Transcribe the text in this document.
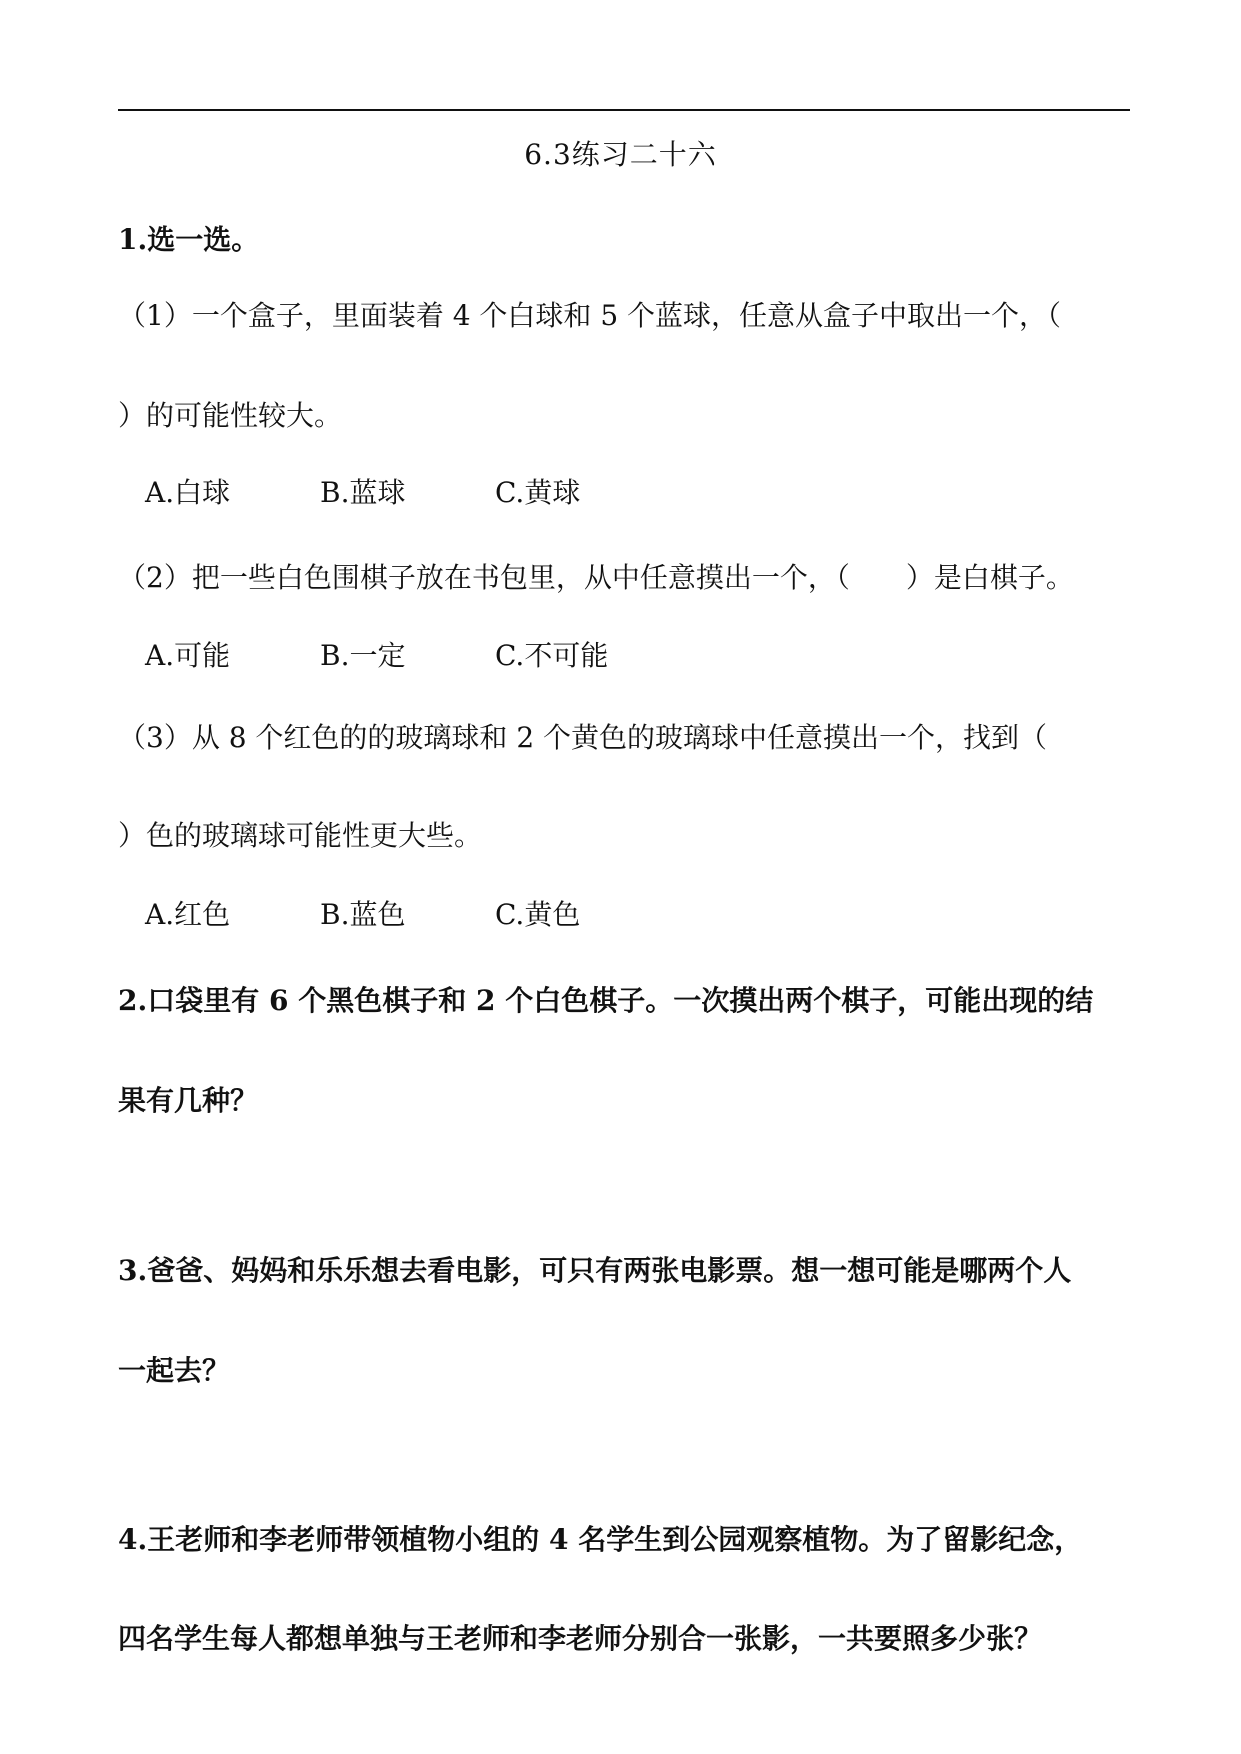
6.3练习二十六
1.选一选。
（1）一个盒子，里面装着 4 个白球和 5 个蓝球，任意从盒子中取出一个，（
）的可能性较大。
A.白球	B.蓝球	C.黄球
（2）把一些白色围棋子放在书包里，从中任意摸出一个，（　　）是白棋子。
A.可能	B.一定	C.不可能
（3）从 8 个红色的的玻璃球和 2 个黄色的玻璃球中任意摸出一个，找到（
）色的玻璃球可能性更大些。
A.红色	B.蓝色	C.黄色
2.口袋里有 6 个黑色棋子和 2 个白色棋子。一次摸出两个棋子，可能出现的结
果有几种？
3.爸爸、妈妈和乐乐想去看电影，可只有两张电影票。想一想可能是哪两个人
一起去？
4.王老师和李老师带领植物小组的 4 名学生到公园观察植物。为了留影纪念，
四名学生每人都想单独与王老师和李老师分别合一张影，一共要照多少张？
